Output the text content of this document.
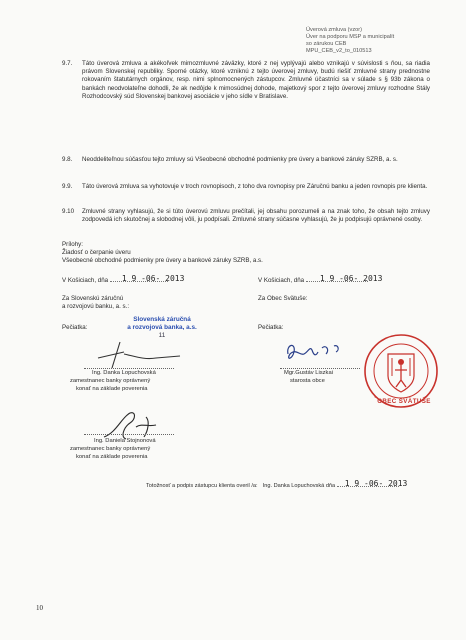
Úverová zmluva (vzor)
Úver na podporu MSP a municipalít
so zárukou CEB
MPU_CEB_v2_to_010513
9.7.	Táto úverová zmluva a akékoľvek mimozmluvné záväzky, ktoré z nej vyplývajú alebo vznikajú v súvislosti s ňou, sa riadia právom Slovenskej republiky. Sporné otázky, ktoré vzniknú z tejto úverovej zmluvy, budú riešiť zmluvné strany prednostne rokovaním štatutárnych orgánov, resp. nimi splnomocnených zástupcov. Zmluvné účastníci sa v súlade s § 93b zákona o bankách neodvolateľne dohodli, že ak nedôjde k mimosúdnej dohode, majetkový spor z tejto úverovej zmluvy rozhodne Stály Rozhodcovský súd Slovenskej bankovej asociácie v jeho sídle v Bratislave.
9.8.	Neoddeliteľnou súčasťou tejto zmluvy sú Všeobecné obchodné podmienky pre úvery a bankové záruky SZRB, a. s.
9.9.	Táto úverová zmluva sa vyhotovuje v troch rovnopisoch, z toho dva rovnopisy pre Záručnú banku a jeden rovnopis pre klienta.
9.10	Zmluvné strany vyhlasujú, že si túto úverovú zmluvu prečítali, jej obsahu porozumeli a na znak toho, že obsah tejto zmluvy zodpovedá ich skutočnej a slobodnej vôli, ju podpísali. Zmluvné strany súčasne vyhlasujú, že ju podpisujú oprávnené osoby.
Prílohy:
Žiadosť o čerpanie úveru
Všeobecné obchodné podmienky pre úvery a bankové záruky SZRB, a.s.
V Košiciach, dňa 1 9 -06- 2013	V Košiciach, dňa 1 9 -06- 2013
Za Slovenskú záručnú
a rozvojovú banku, a. s.:
Za Obec Svätuše:
Pečiatka:	Pečiatka:
Slovenská záručná
a rozvojová banka, a.s.
11
Ing. Danka Lopuchovská
zamestnanec banky oprávnený
konať na základe poverenia
Mgr.Gustáv Liszkai
starosta obce
★	★
OBEC SVÄTUŠE
Ing. Daniela Stojnonová
zamestnanec banky oprávnený
konať na základe poverenia
Totožnosť a podpis zástupcu klienta overil /a: Ing. Danka Lopuchovská dňa 1 9 -06- 2013
10
